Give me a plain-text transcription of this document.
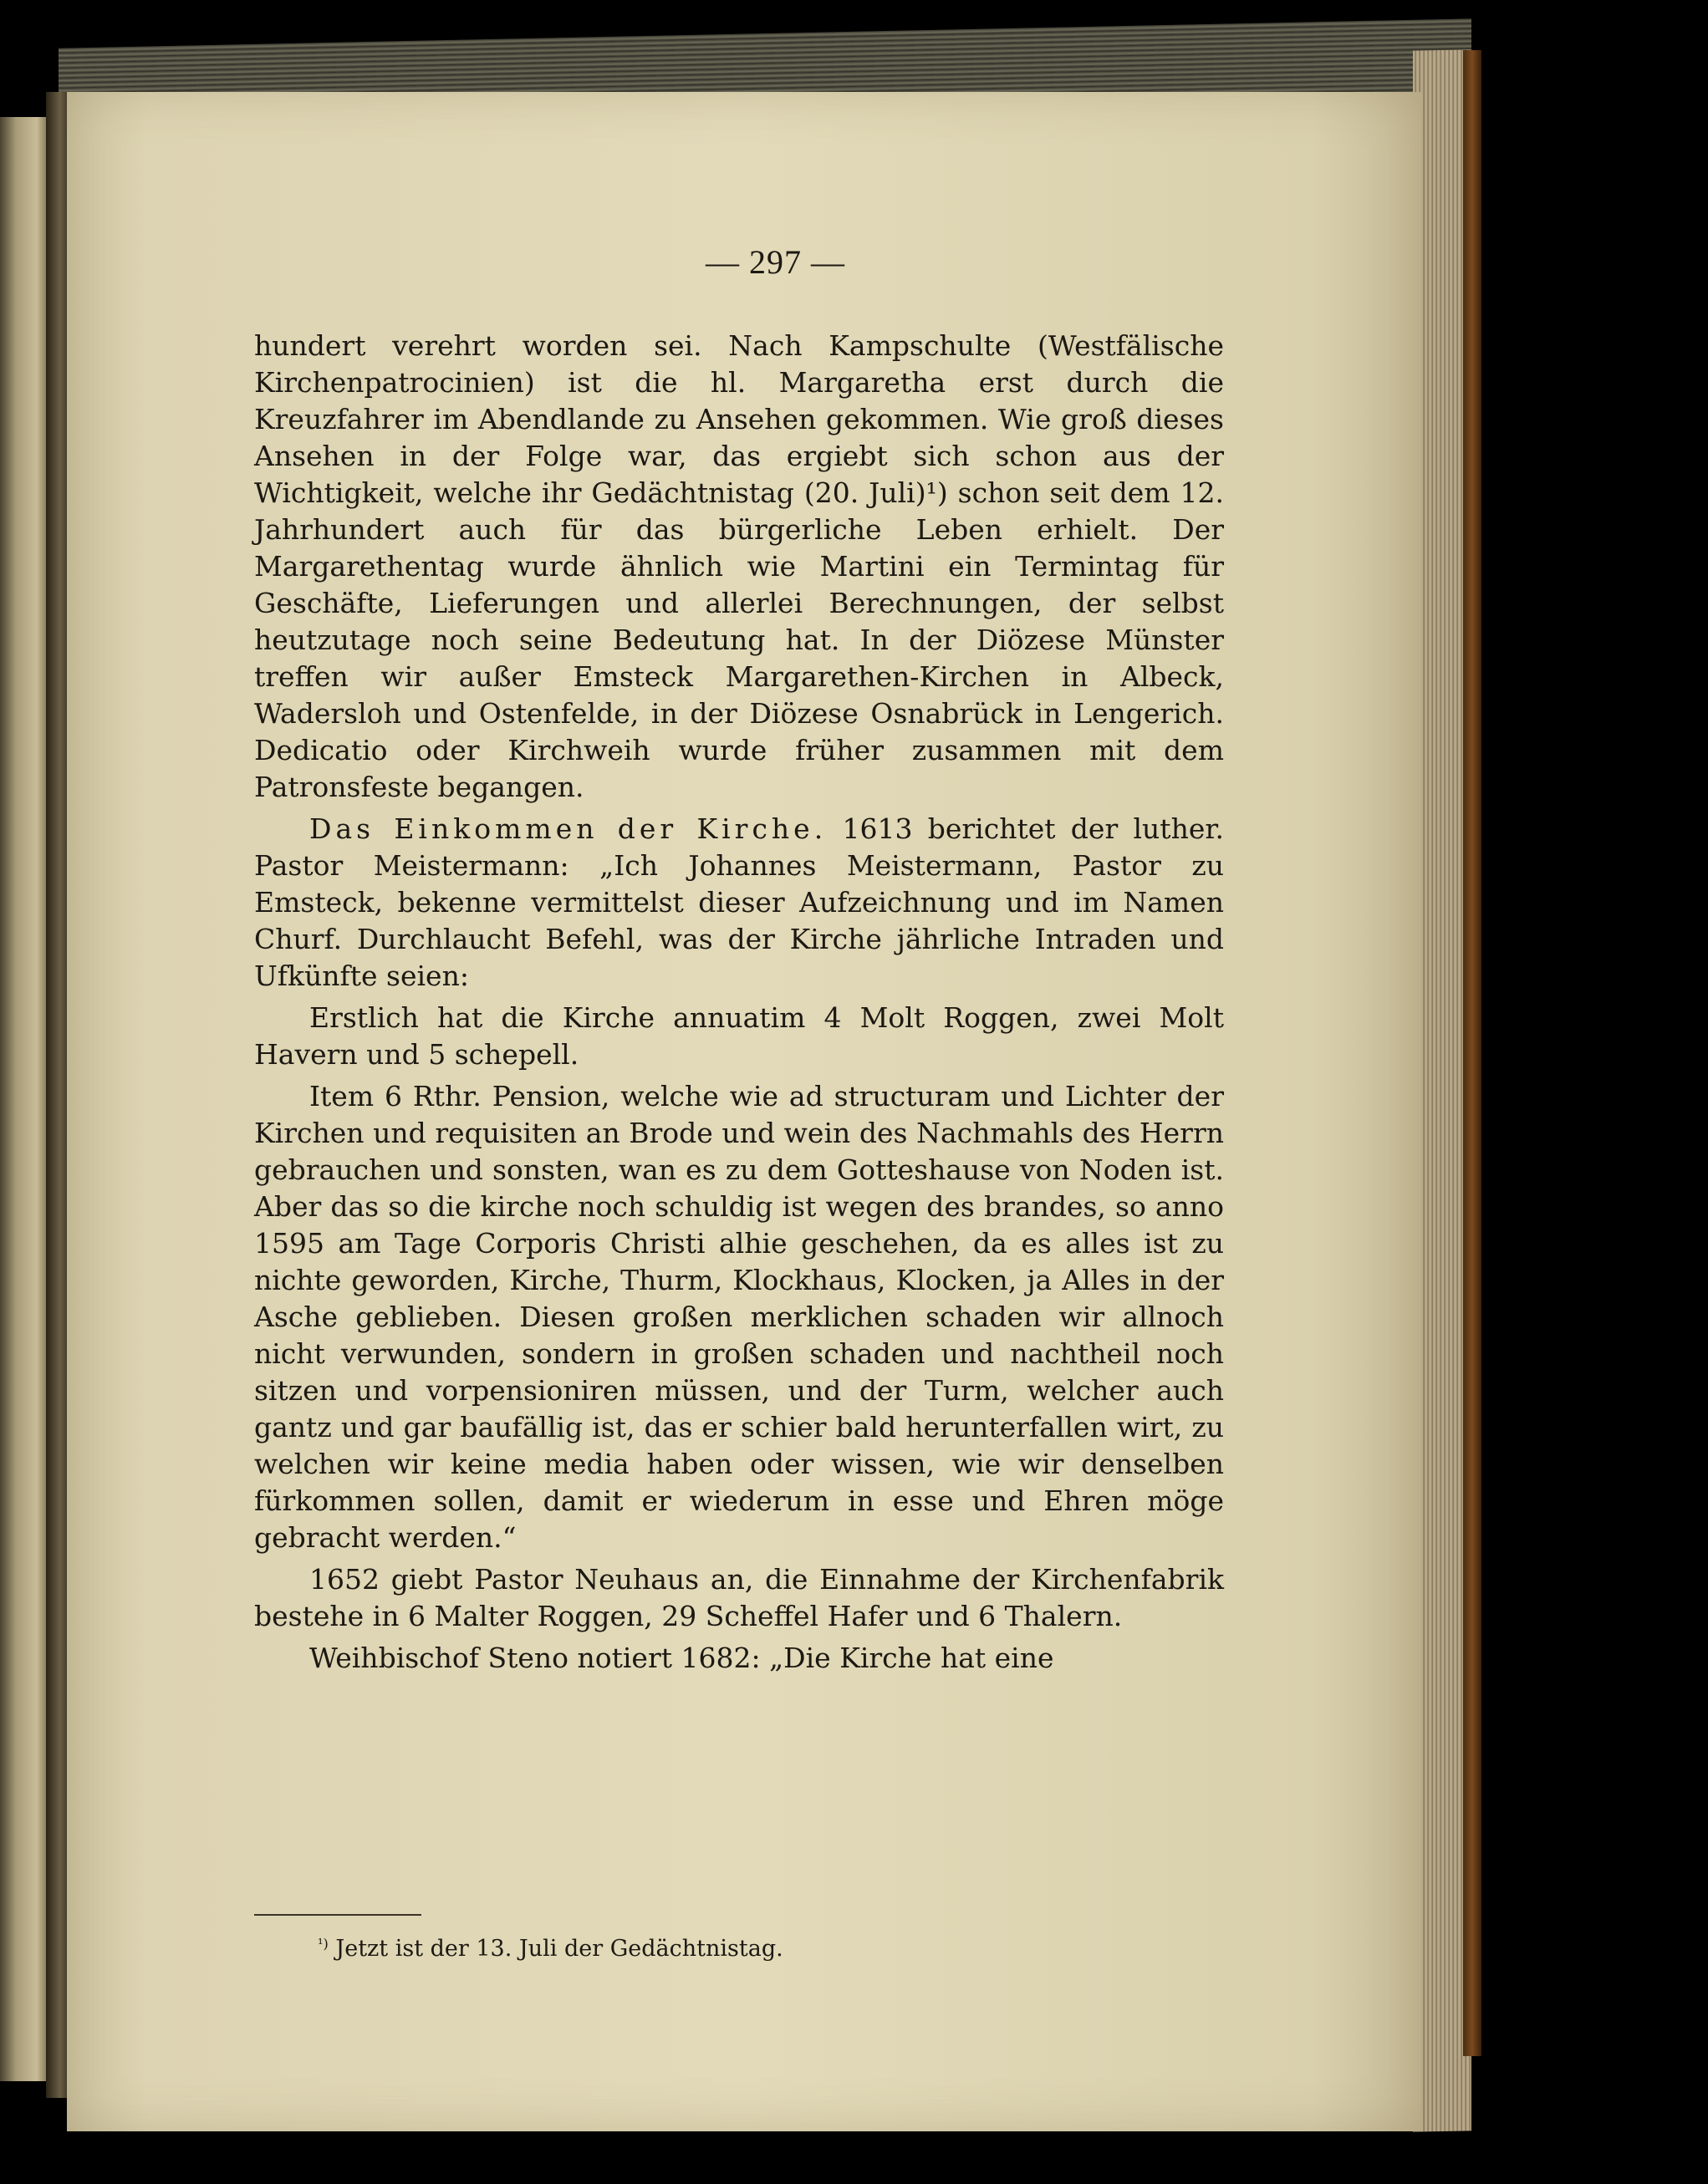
— 297 —

hundert verehrt worden sei. Nach Kampschulte (Westfälische Kirchenpatrocinien) ist die hl. Margaretha erst durch die Kreuzfahrer im Abendlande zu Ansehen gekommen. Wie groß dieses Ansehen in der Folge war, das ergiebt sich schon aus der Wichtigkeit, welche ihr Gedächtnistag (20. Juli)¹) schon seit dem 12. Jahrhundert auch für das bürgerliche Leben erhielt. Der Margarethentag wurde ähnlich wie Martini ein Termintag für Geschäfte, Lieferungen und allerlei Berechnungen, der selbst heutzutage noch seine Bedeutung hat. In der Diözese Münster treffen wir außer Emsteck Margarethen-Kirchen in Albeck, Wadersloh und Ostenfelde, in der Diözese Osnabrück in Lengerich. Dedicatio oder Kirchweih wurde früher zusammen mit dem Patronsfeste begangen.

Das Einkommen der Kirche. 1613 berichtet der luther. Pastor Meistermann: „Ich Johannes Meistermann, Pastor zu Emsteck, bekenne vermittelst dieser Aufzeichnung und im Namen Churf. Durchlaucht Befehl, was der Kirche jährliche Intraden und Ufkünfte seien:

Erstlich hat die Kirche annuatim 4 Molt Roggen, zwei Molt Havern und 5 schepell.

Item 6 Rthr. Pension, welche wie ad structuram und Lichter der Kirchen und requisiten an Brode und wein des Nachmahls des Herrn gebrauchen und sonsten, wan es zu dem Gotteshause von Noden ist. Aber das so die kirche noch schuldig ist wegen des brandes, so anno 1595 am Tage Corporis Christi alhie geschehen, da es alles ist zu nichte geworden, Kirche, Thurm, Klockhaus, Klocken, ja Alles in der Asche geblieben. Diesen großen merklichen schaden wir allnoch nicht verwunden, sondern in großen schaden und nachtheil noch sitzen und vorpensioniren müssen, und der Turm, welcher auch gantz und gar baufällig ist, das er schier bald herunterfallen wirt, zu welchen wir keine media haben oder wissen, wie wir denselben fürkommen sollen, damit er wiederum in esse und Ehren möge gebracht werden.“

1652 giebt Pastor Neuhaus an, die Einnahme der Kirchenfabrik bestehe in 6 Malter Roggen, 29 Scheffel Hafer und 6 Thalern.

Weihbischof Steno notiert 1682: „Die Kirche hat eine

$^{^1)}$ Jetzt ist der 13. Juli der Gedächtnistag.
